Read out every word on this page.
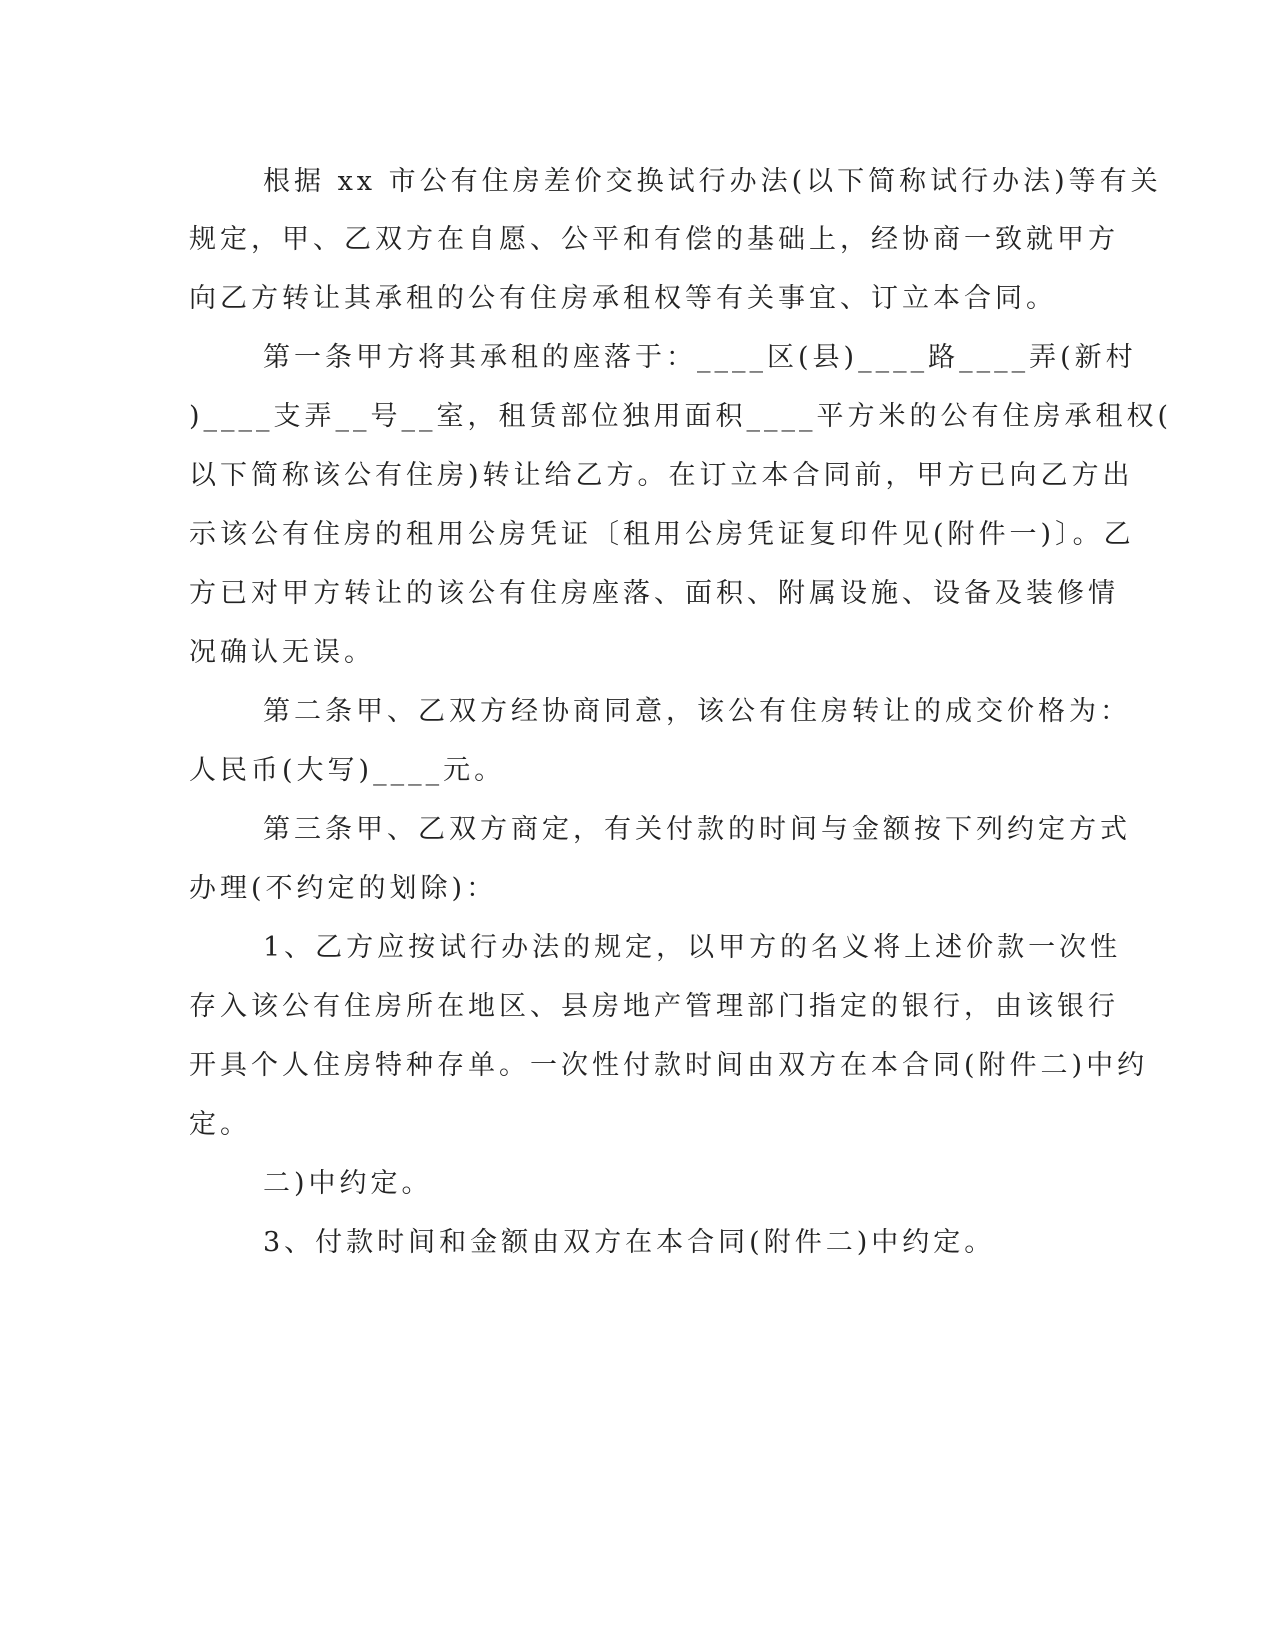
根据 xx 市公有住房差价交换试行办法(以下简称试行办法)等有关

规定，甲、乙双方在自愿、公平和有偿的基础上，经协商一致就甲方

向乙方转让其承租的公有住房承租权等有关事宜、订立本合同。

第一条甲方将其承租的座落于：____区(县)____路____弄(新村

)____支弄__号__室，租赁部位独用面积____平方米的公有住房承租权(

以下简称该公有住房)转让给乙方。在订立本合同前，甲方已向乙方出

示该公有住房的租用公房凭证〔租用公房凭证复印件见(附件一)〕。乙

方已对甲方转让的该公有住房座落、面积、附属设施、设备及装修情

况确认无误。

第二条甲、乙双方经协商同意，该公有住房转让的成交价格为：

人民币(大写)____元。

第三条甲、乙双方商定，有关付款的时间与金额按下列约定方式

办理(不约定的划除)：

1、乙方应按试行办法的规定，以甲方的名义将上述价款一次性

存入该公有住房所在地区、县房地产管理部门指定的银行，由该银行

开具个人住房特种存单。一次性付款时间由双方在本合同(附件二)中约

定。

二)中约定。

3、付款时间和金额由双方在本合同(附件二)中约定。
